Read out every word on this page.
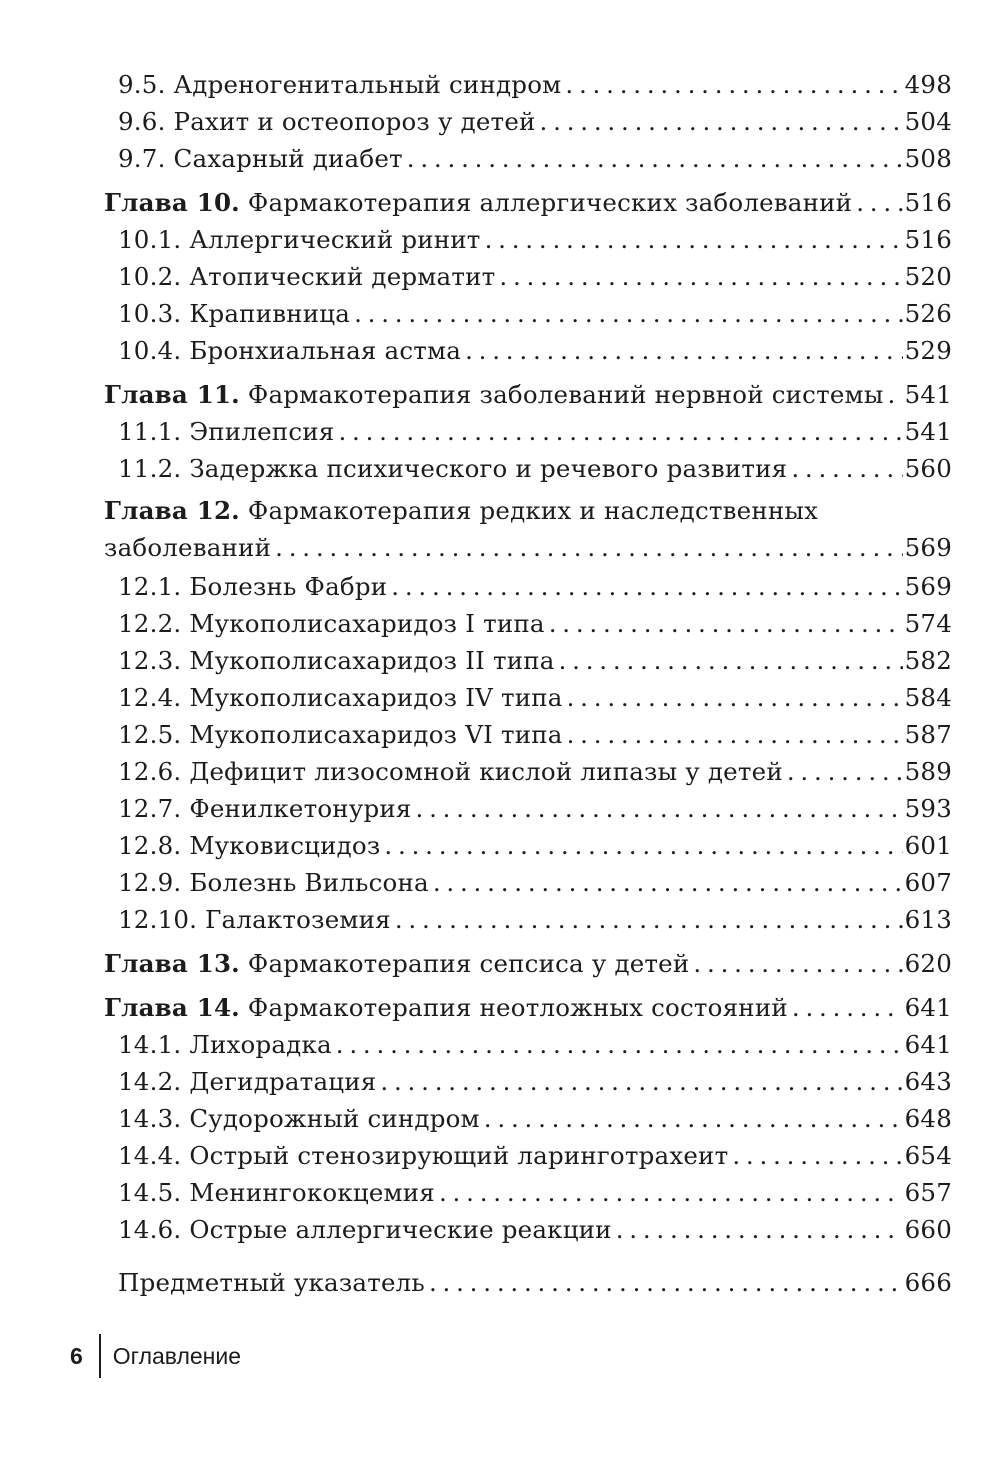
9.5. Адреногенитальный синдром . . .	498
9.6. Рахит и остеопороз у детей . . .	504
9.7. Сахарный диабет . . .	508
Глава 10. Фармакотерапия аллергических заболеваний . . . 516
10.1. Аллергический ринит . . .	516
10.2. Атопический дерматит . . .	520
10.3. Крапивница . . .	526
10.4. Бронхиальная астма . . .	529
Глава 11. Фармакотерапия заболеваний нервной системы . . . 541
11.1. Эпилепсия . . .	541
11.2. Задержка психического и речевого развития . . .	560
Глава 12. Фармакотерапия редких и наследственных
заболеваний . . .	569
12.1. Болезнь Фабри . . .	569
12.2. Мукополисахаридоз I типа . . .	574
12.3. Мукополисахаридоз II типа . . .	582
12.4. Мукополисахаридоз IV типа . . .	584
12.5. Мукополисахаридоз VI типа . . .	587
12.6. Дефицит лизосомной кислой липазы у детей . . .	589
12.7. Фенилкетонурия . . .	593
12.8. Муковисцидоз . . .	601
12.9. Болезнь Вильсона . . .	607
12.10. Галактоземия . . .	613
Глава 13. Фармакотерапия сепсиса у детей . . .	620
Глава 14. Фармакотерапия неотложных состояний . . .	641
14.1. Лихорадка . . .	641
14.2. Дегидратация . . .	643
14.3. Судорожный синдром . . .	648
14.4. Острый стенозирующий ларинготрахеит . . .	654
14.5. Менингококцемия . . .	657
14.6. Острые аллергические реакции . . .	660
Предметный указатель . . .	666
6	Оглавление
